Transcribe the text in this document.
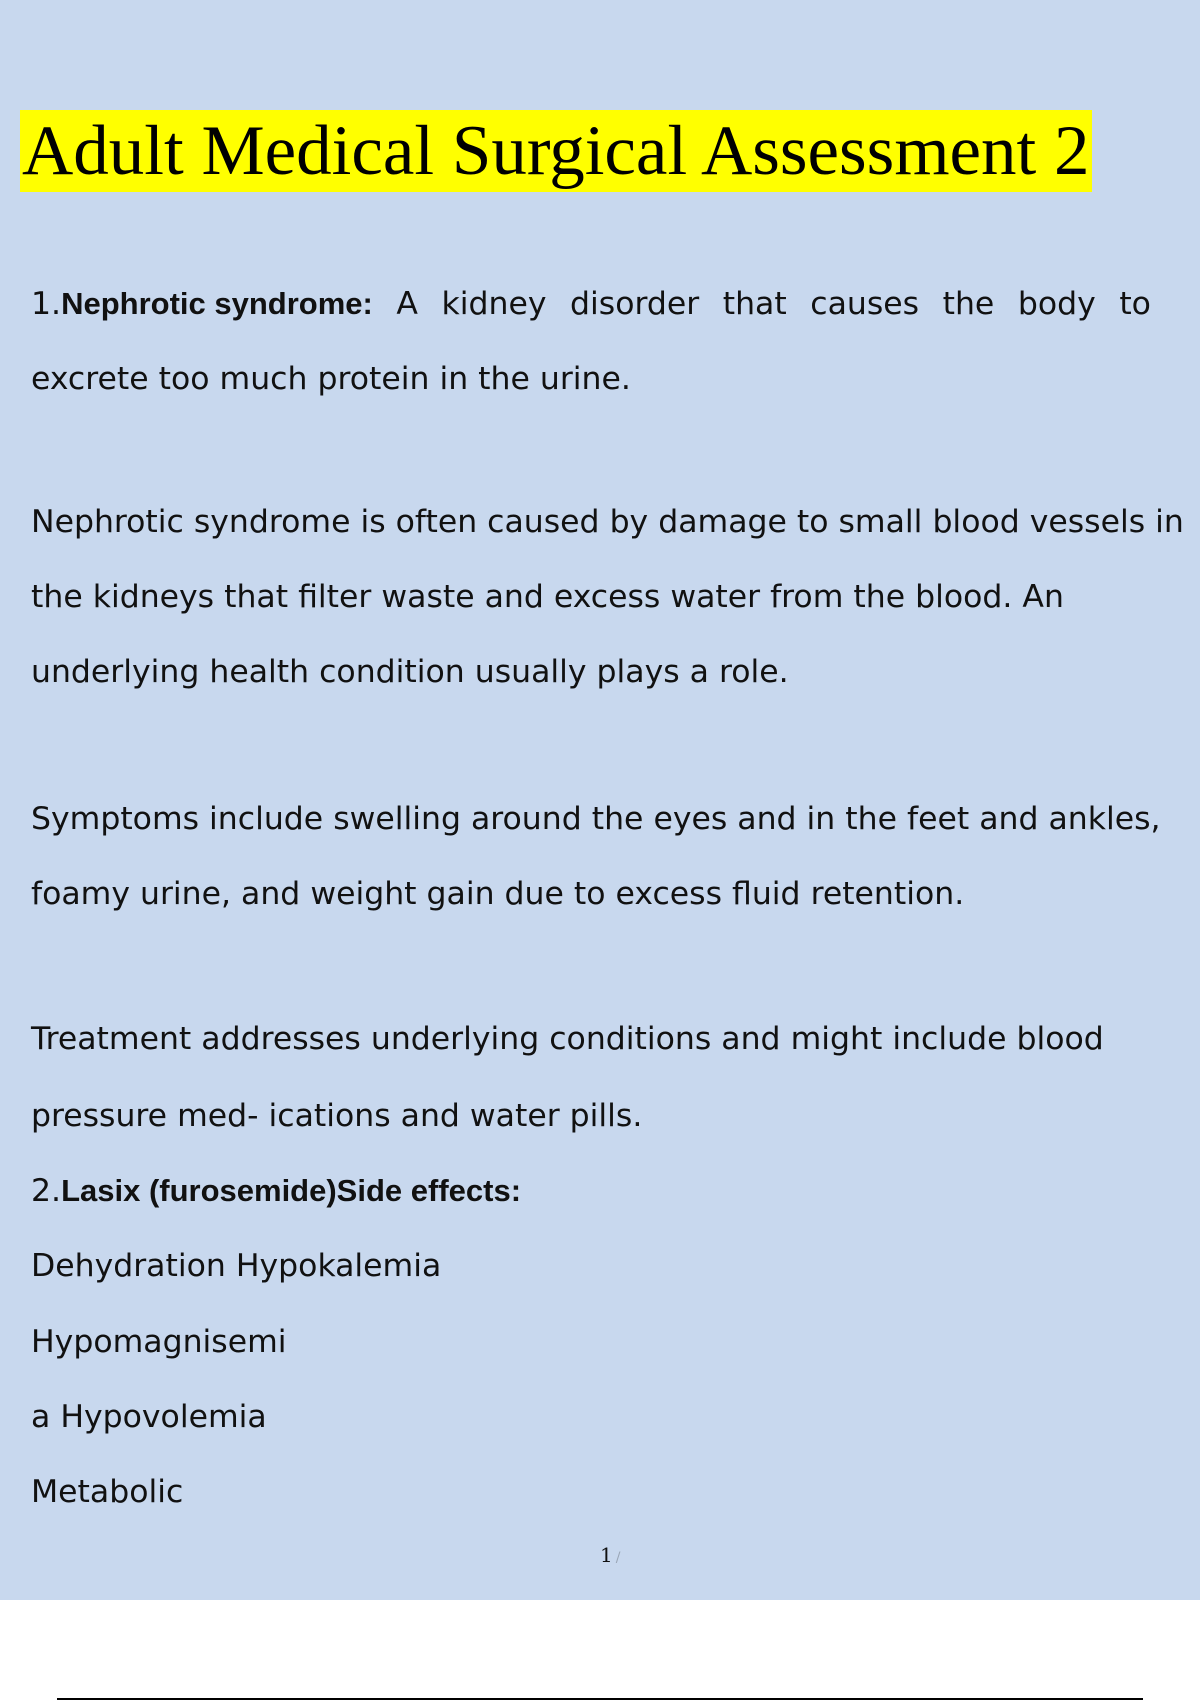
Adult Medical Surgical Assessment 2
1.Nephrotic syndrome: A kidney disorder that causes the body to
excrete too much protein in the urine.
Nephrotic syndrome is often caused by damage to small blood vessels in
the kidneys that filter waste and excess water from the blood. An
underlying health condition usually plays a role.
Symptoms include swelling around the eyes and in the feet and ankles,
foamy urine, and weight gain due to excess fluid retention.
Treatment addresses underlying conditions and might include blood
pressure med- ications and water pills.
2.Lasix (furosemide)Side effects:
Dehydration Hypokalemia
Hypomagnisemi
a Hypovolemia
Metabolic
1 /
